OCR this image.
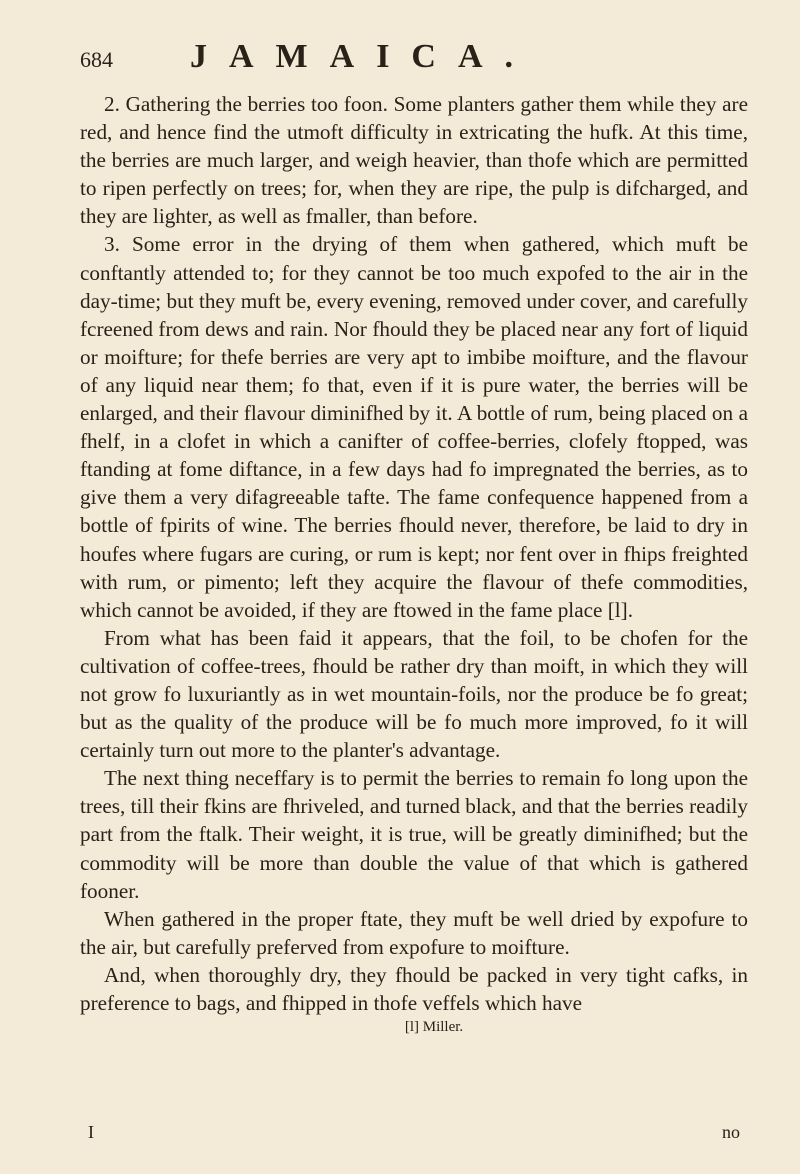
684	JAMAICA.

2. Gathering the berries too foon. Some planters gather them while they are red, and hence find the utmoft difficulty in extricating the hufk. At this time, the berries are much larger, and weigh heavier, than thofe which are permitted to ripen perfectly on trees; for, when they are ripe, the pulp is difcharged, and they are lighter, as well as fmaller, than before.

3. Some error in the drying of them when gathered, which muft be conftantly attended to; for they cannot be too much expofed to the air in the day-time; but they muft be, every evening, removed under cover, and carefully fcreened from dews and rain. Nor fhould they be placed near any fort of liquid or moifture; for thefe berries are very apt to imbibe moifture, and the flavour of any liquid near them; fo that, even if it is pure water, the berries will be enlarged, and their flavour diminifhed by it. A bottle of rum, being placed on a fhelf, in a clofet in which a canifter of coffee-berries, clofely ftopped, was ftanding at fome diftance, in a few days had fo impregnated the berries, as to give them a very difagreeable tafte. The fame confequence happened from a bottle of fpirits of wine. The berries fhould never, therefore, be laid to dry in houfes where fugars are curing, or rum is kept; nor fent over in fhips freighted with rum, or pimento; left they acquire the flavour of thefe commodities, which cannot be avoided, if they are ftowed in the fame place [l].

From what has been faid it appears, that the foil, to be chofen for the cultivation of coffee-trees, fhould be rather dry than moift, in which they will not grow fo luxuriantly as in wet mountain-foils, nor the produce be fo great; but as the quality of the produce will be fo much more improved, fo it will certainly turn out more to the planter's advantage.

The next thing neceffary is to permit the berries to remain fo long upon the trees, till their fkins are fhriveled, and turned black, and that the berries readily part from the ftalk. Their weight, it is true, will be greatly diminifhed; but the commodity will be more than double the value of that which is gathered fooner.

When gathered in the proper ftate, they muft be well dried by expofure to the air, but carefully preferved from expofure to moifture.

And, when thoroughly dry, they fhould be packed in very tight cafks, in preference to bags, and fhipped in thofe veffels which have

[l] Miller.
I	no
